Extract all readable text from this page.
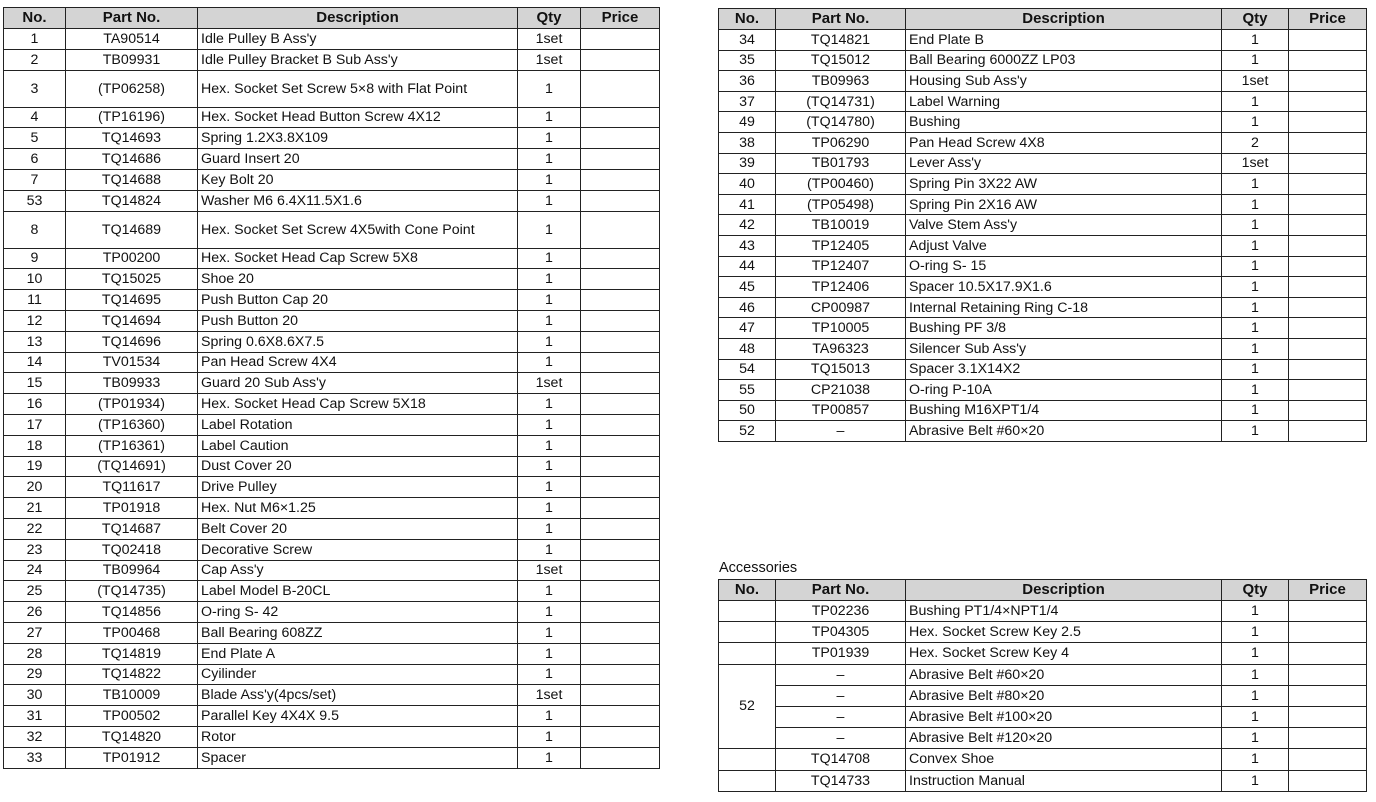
No.	Part No.	Description	Qty	Price
1	TA90514	Idle Pulley B Ass'y	1set	
2	TB09931	Idle Pulley Bracket B Sub Ass'y	1set	
3	(TP06258)	Hex. Socket Set Screw 5×8 with Flat Point	1	
4	(TP16196)	Hex. Socket Head Button Screw 4X12	1	
5	TQ14693	Spring 1.2X3.8X109	1	
6	TQ14686	Guard Insert 20	1	
7	TQ14688	Key Bolt 20	1	
53	TQ14824	Washer M6 6.4X11.5X1.6	1	
8	TQ14689	Hex. Socket Set Screw 4X5with Cone Point	1	
9	TP00200	Hex. Socket Head Cap Screw 5X8	1	
10	TQ15025	Shoe 20	1	
11	TQ14695	Push Button Cap 20	1	
12	TQ14694	Push Button 20	1	
13	TQ14696	Spring 0.6X8.6X7.5	1	
14	TV01534	Pan Head Screw 4X4	1	
15	TB09933	Guard 20 Sub Ass'y	1set	
16	(TP01934)	Hex. Socket Head Cap Screw 5X18	1	
17	(TP16360)	Label Rotation	1	
18	(TP16361)	Label Caution	1	
19	(TQ14691)	Dust Cover 20	1	
20	TQ11617	Drive Pulley	1	
21	TP01918	Hex. Nut M6×1.25	1	
22	TQ14687	Belt Cover 20	1	
23	TQ02418	Decorative Screw	1	
24	TB09964	Cap Ass'y	1set	
25	(TQ14735)	Label Model B-20CL	1	
26	TQ14856	O-ring S- 42	1	
27	TP00468	Ball Bearing 608ZZ	1	
28	TQ14819	End Plate A	1	
29	TQ14822	Cyilinder	1	
30	TB10009	Blade Ass'y(4pcs/set)	1set	
31	TP00502	Parallel Key 4X4X 9.5	1	
32	TQ14820	Rotor	1	
33	TP01912	Spacer	1	
No.	Part No.	Description	Qty	Price
34	TQ14821	End Plate B	1	
35	TQ15012	Ball Bearing 6000ZZ LP03	1	
36	TB09963	Housing Sub Ass'y	1set	
37	(TQ14731)	Label Warning	1	
49	(TQ14780)	Bushing	1	
38	TP06290	Pan Head Screw 4X8	2	
39	TB01793	Lever Ass'y	1set	
40	(TP00460)	Spring Pin 3X22 AW	1	
41	(TP05498)	Spring Pin 2X16 AW	1	
42	TB10019	Valve Stem Ass'y	1	
43	TP12405	Adjust Valve	1	
44	TP12407	O-ring S- 15	1	
45	TP12406	Spacer 10.5X17.9X1.6	1	
46	CP00987	Internal Retaining Ring C-18	1	
47	TP10005	Bushing PF 3/8	1	
48	TA96323	Silencer Sub Ass'y	1	
54	TQ15013	Spacer 3.1X14X2	1	
55	CP21038	O-ring P-10A	1	
50	TP00857	Bushing M16XPT1/4	1	
52	–	Abrasive Belt #60×20	1	
Accessories
No.	Part No.	Description	Qty	Price
	TP02236	Bushing PT1/4×NPT1/4	1	
	TP04305	Hex. Socket Screw Key 2.5	1	
	TP01939	Hex. Socket Screw Key 4	1	
52	–	Abrasive Belt #60×20	1	
	–	Abrasive Belt #80×20	1	
	–	Abrasive Belt #100×20	1	
	–	Abrasive Belt #120×20	1	
	TQ14708	Convex Shoe	1	
	TQ14733	Instruction Manual	1	
